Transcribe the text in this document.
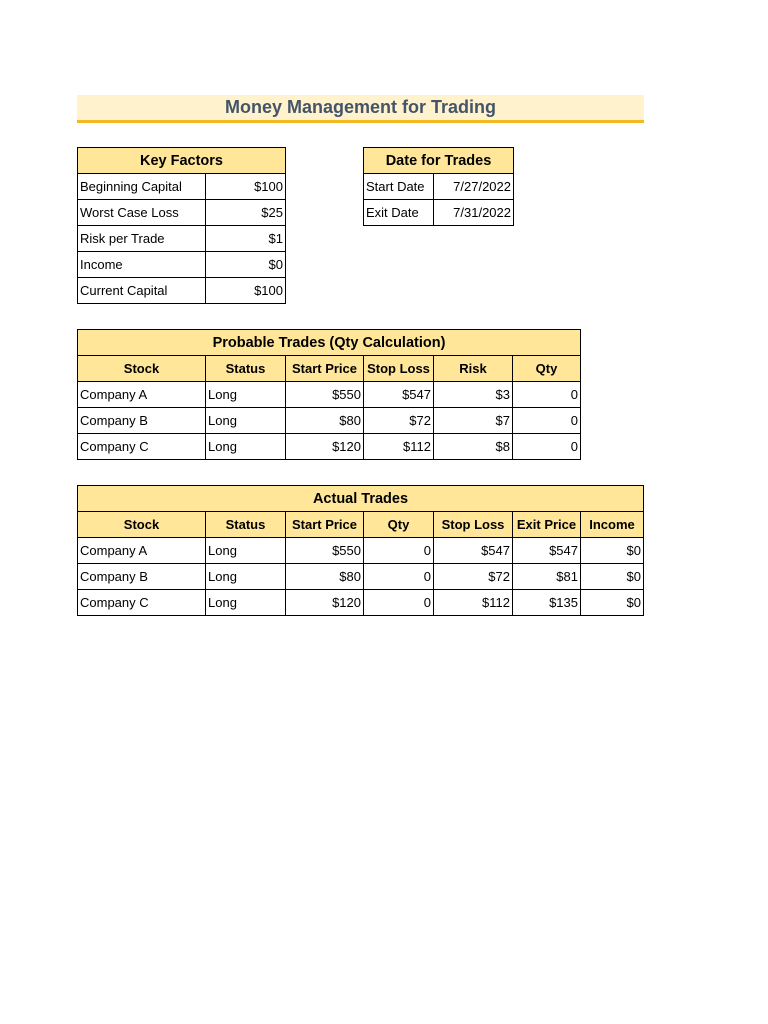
Money Management for Trading
Key Factors	
Beginning Capital	$100
Worst Case Loss	$25
Risk per Trade	$1
Income	$0
Current Capital	$100
Date for Trades	
Start Date	7/27/2022
Exit Date	7/31/2022
Probable Trades (Qty Calculation)					
Stock	Status	Start Price	Stop Loss	Risk	Qty
Company A	Long	$550	$547	$3	0
Company B	Long	$80	$72	$7	0
Company C	Long	$120	$112	$8	0
Actual Trades						
Stock	Status	Start Price	Qty	Stop Loss	Exit Price	Income
Company A	Long	$550	0	$547	$547	$0
Company B	Long	$80	0	$72	$81	$0
Company C	Long	$120	0	$112	$135	$0
